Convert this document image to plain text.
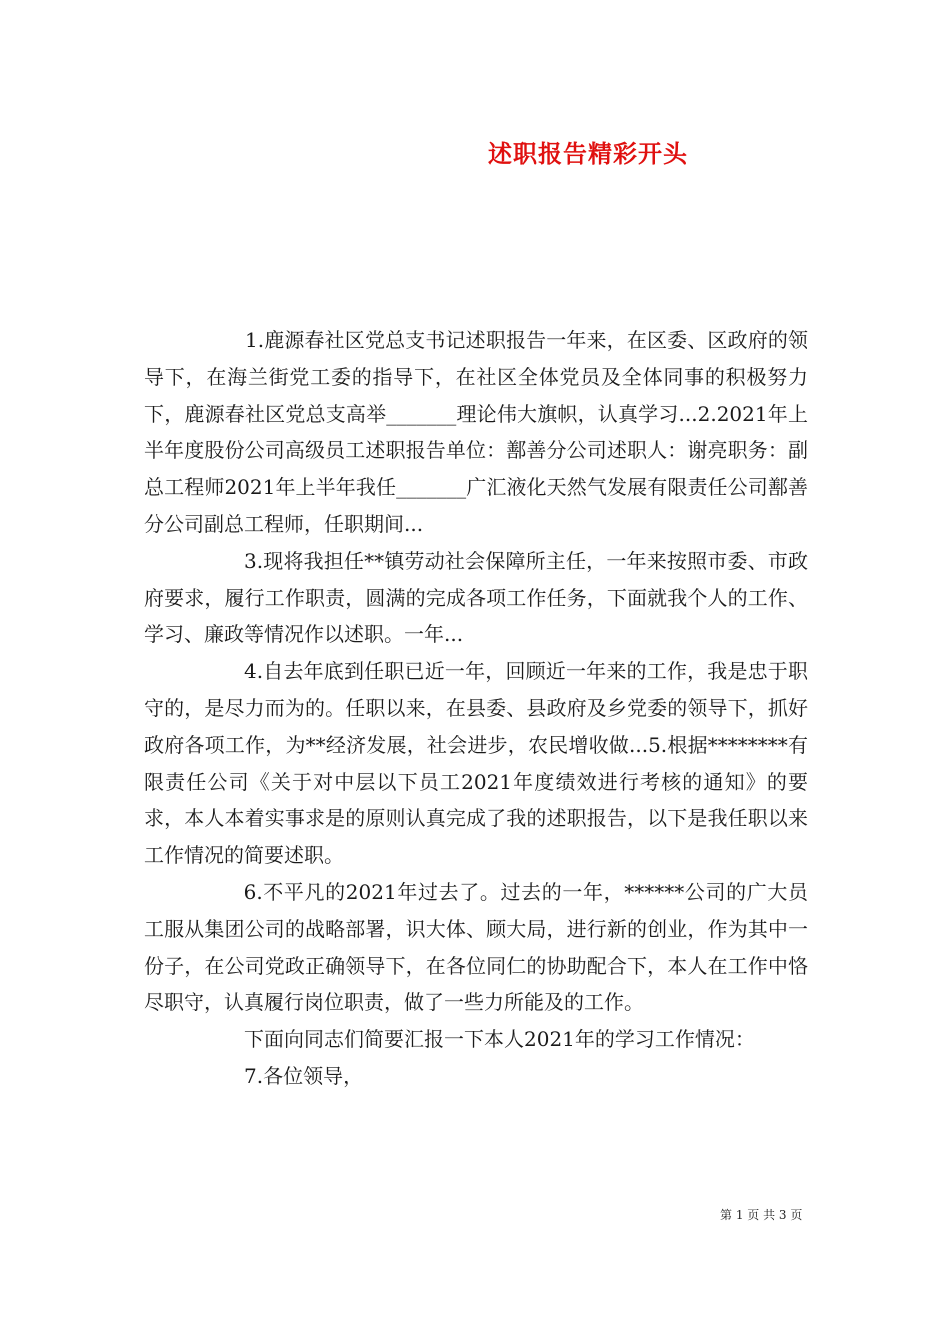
述职报告精彩开头

1.鹿源春社区党总支书记述职报告一年来，在区委、区政府的领导下，在海兰街党工委的指导下，在社区全体党员及全体同事的积极努力下，鹿源春社区党总支高举_______理论伟大旗帜，认真学习...2.2021年上半年度股份公司高级员工述职报告单位：鄯善分公司述职人：谢亮职务：副总工程师2021年上半年我任_______广汇液化天然气发展有限责任公司鄯善分公司副总工程师，任职期间...

3.现将我担任**镇劳动社会保障所主任，一年来按照市委、市政府要求，履行工作职责，圆满的完成各项工作任务，下面就我个人的工作、学习、廉政等情况作以述职。一年...

4.自去年底到任职已近一年，回顾近一年来的工作，我是忠于职守的，是尽力而为的。任职以来，在县委、县政府及乡党委的领导下，抓好政府各项工作，为**经济发展，社会进步，农民增收做...5.根据********有限责任公司《关于对中层以下员工2021年度绩效进行考核的通知》的要求，本人本着实事求是的原则认真完成了我的述职报告，以下是我任职以来工作情况的简要述职。

6.不平凡的2021年过去了。过去的一年，******公司的广大员工服从集团公司的战略部署，识大体、顾大局，进行新的创业，作为其中一份子，在公司党政正确领导下，在各位同仁的协助配合下，本人在工作中恪尽职守，认真履行岗位职责，做了一些力所能及的工作。

下面向同志们简要汇报一下本人2021年的学习工作情况：

7.各位领导，

第 1 页 共 3 页
